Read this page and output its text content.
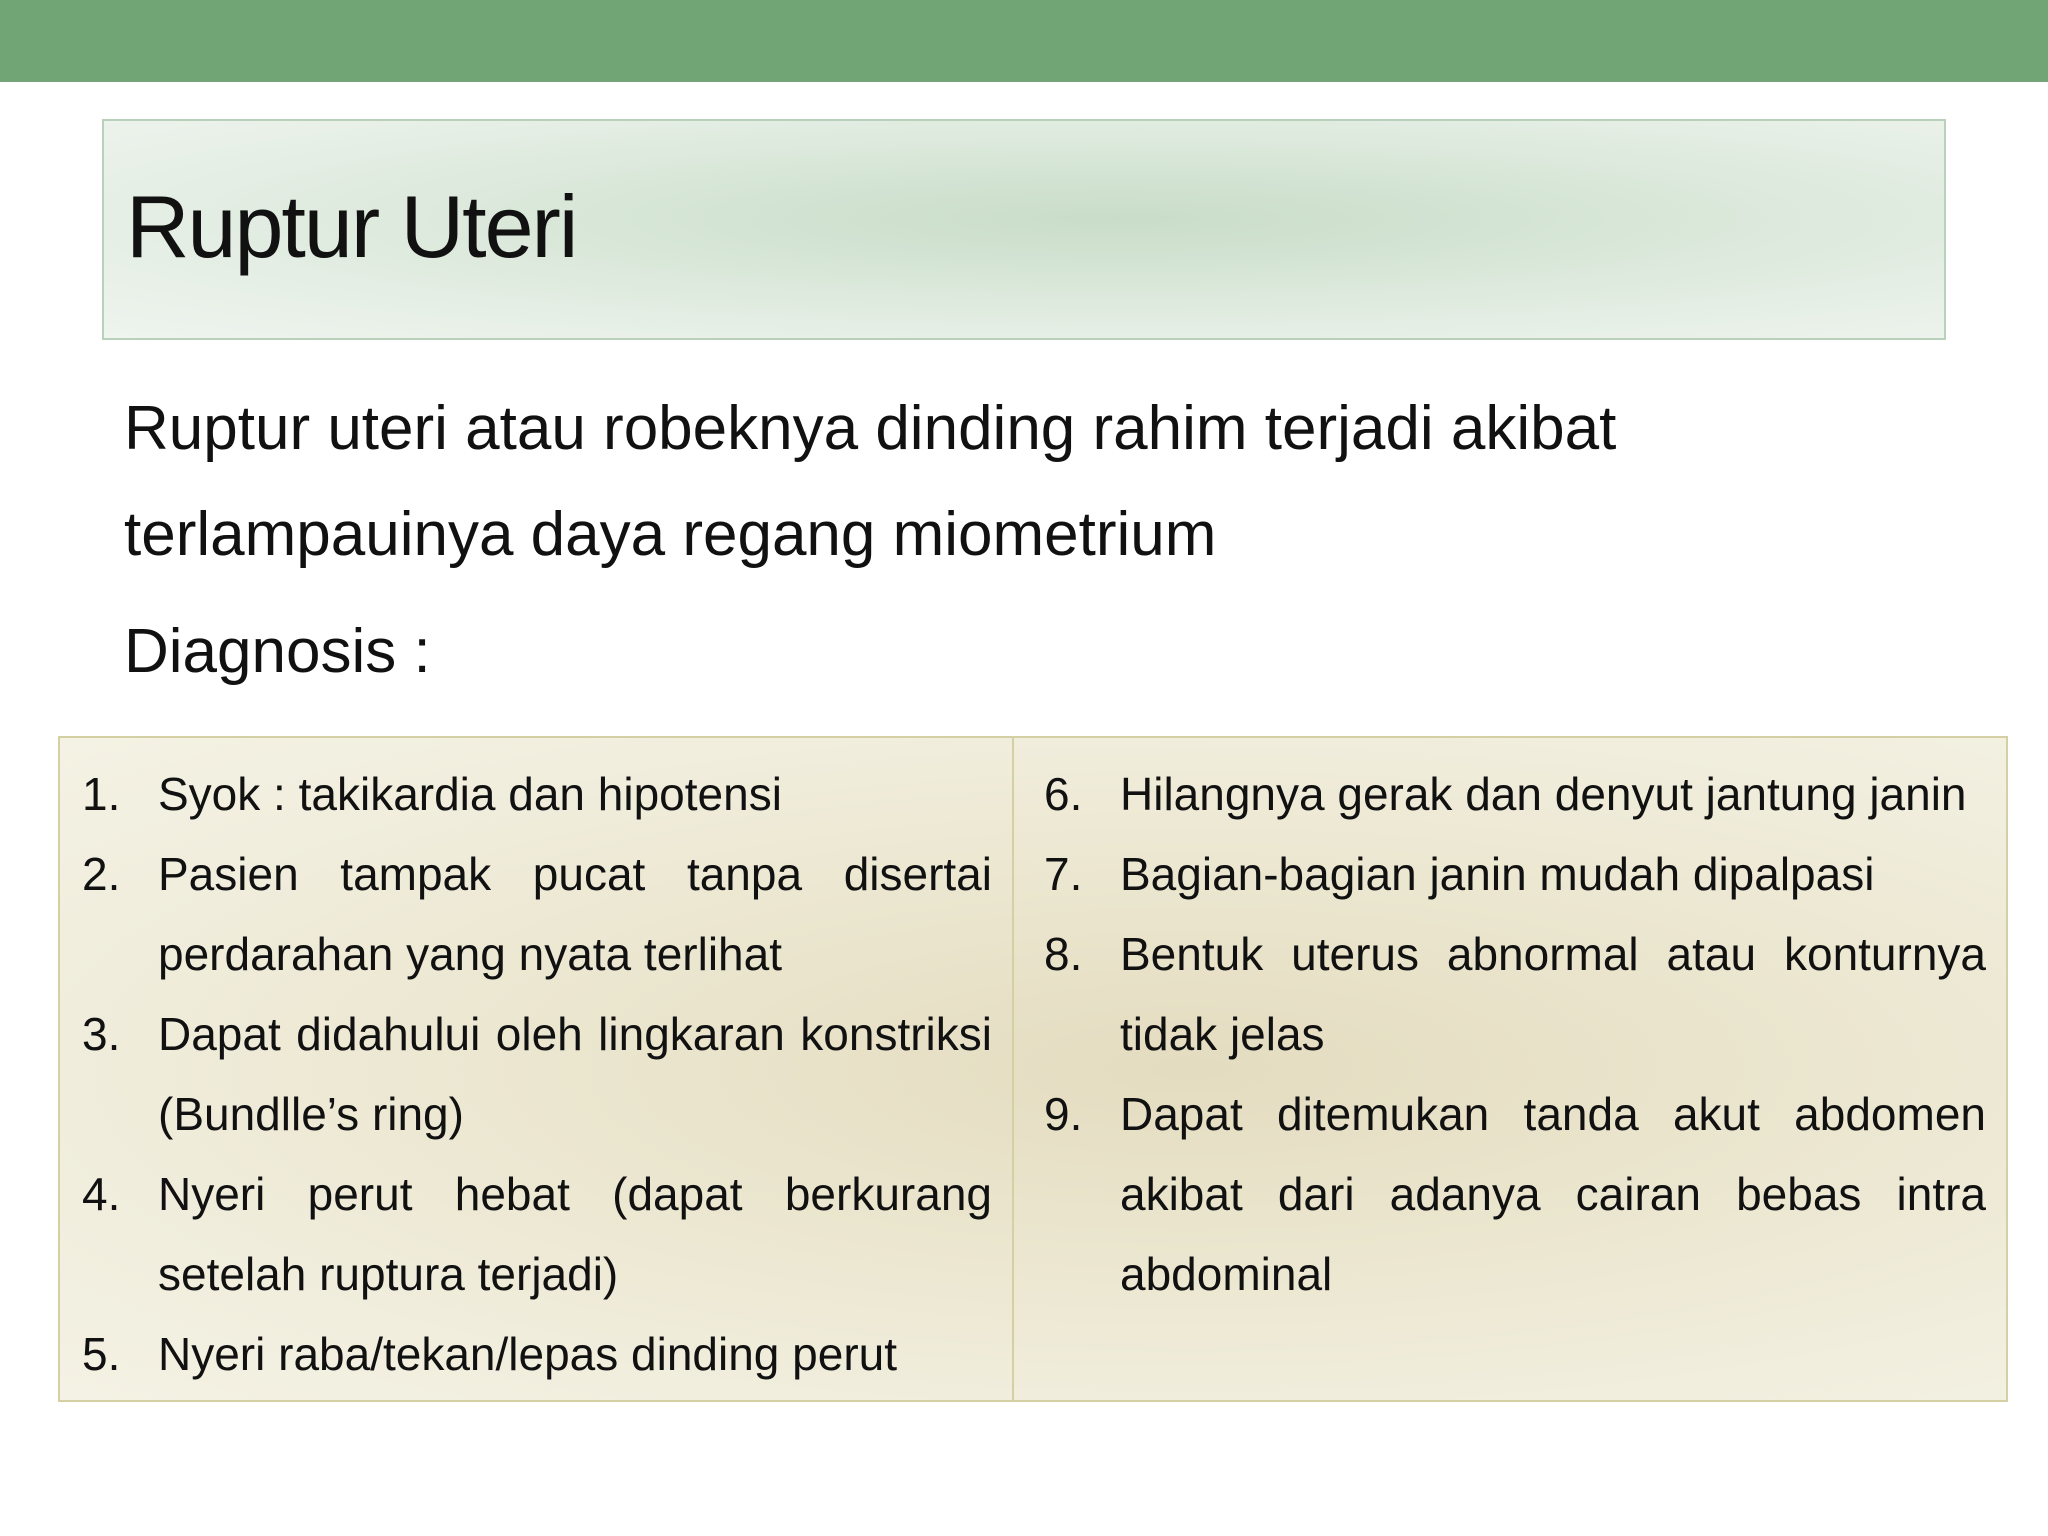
Ruptur Uteri

Ruptur uteri atau robeknya dinding rahim terjadi akibat terlampauinya daya regang miometrium

Diagnosis :

1. Syok : takikardia dan hipotensi
2. Pasien tampak pucat tanpa disertai perdarahan yang nyata terlihat
3. Dapat didahului oleh lingkaran konstriksi (Bundlle’s ring)
4. Nyeri perut hebat (dapat berkurang setelah ruptura terjadi)
5. Nyeri raba/tekan/lepas dinding perut
6. Hilangnya gerak dan denyut jantung janin
7. Bagian-bagian janin mudah dipalpasi
8. Bentuk uterus abnormal atau konturnya tidak jelas
9. Dapat ditemukan tanda akut abdomen akibat dari adanya cairan bebas intra abdominal
